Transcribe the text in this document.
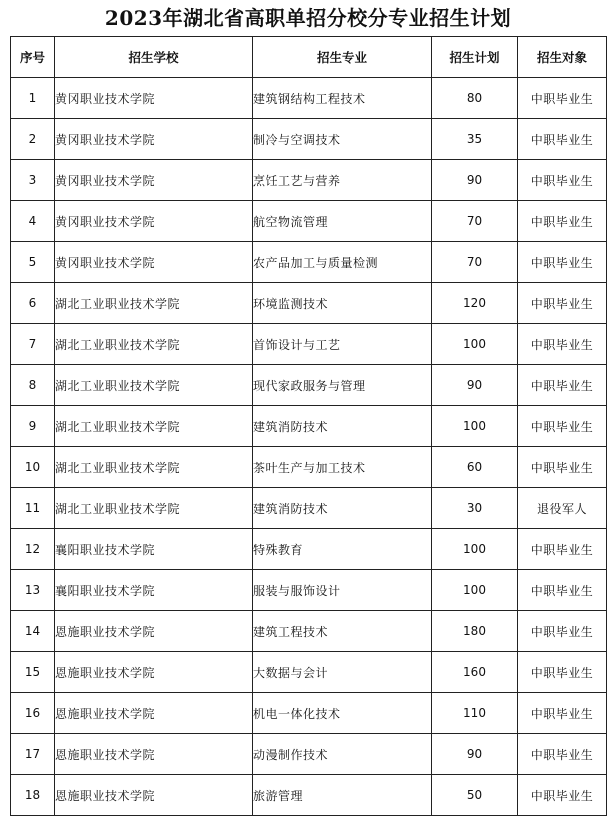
2023年湖北省高职单招分校分专业招生计划
序号	招生学校	招生专业	招生计划	招生对象
1	黄冈职业技术学院	建筑钢结构工程技术	80	中职毕业生
2	黄冈职业技术学院	制冷与空调技术	35	中职毕业生
3	黄冈职业技术学院	烹饪工艺与营养	90	中职毕业生
4	黄冈职业技术学院	航空物流管理	70	中职毕业生
5	黄冈职业技术学院	农产品加工与质量检测	70	中职毕业生
6	湖北工业职业技术学院	环境监测技术	120	中职毕业生
7	湖北工业职业技术学院	首饰设计与工艺	100	中职毕业生
8	湖北工业职业技术学院	现代家政服务与管理	90	中职毕业生
9	湖北工业职业技术学院	建筑消防技术	100	中职毕业生
10	湖北工业职业技术学院	茶叶生产与加工技术	60	中职毕业生
11	湖北工业职业技术学院	建筑消防技术	30	退役军人
12	襄阳职业技术学院	特殊教育	100	中职毕业生
13	襄阳职业技术学院	服装与服饰设计	100	中职毕业生
14	恩施职业技术学院	建筑工程技术	180	中职毕业生
15	恩施职业技术学院	大数据与会计	160	中职毕业生
16	恩施职业技术学院	机电一体化技术	110	中职毕业生
17	恩施职业技术学院	动漫制作技术	90	中职毕业生
18	恩施职业技术学院	旅游管理	50	中职毕业生
